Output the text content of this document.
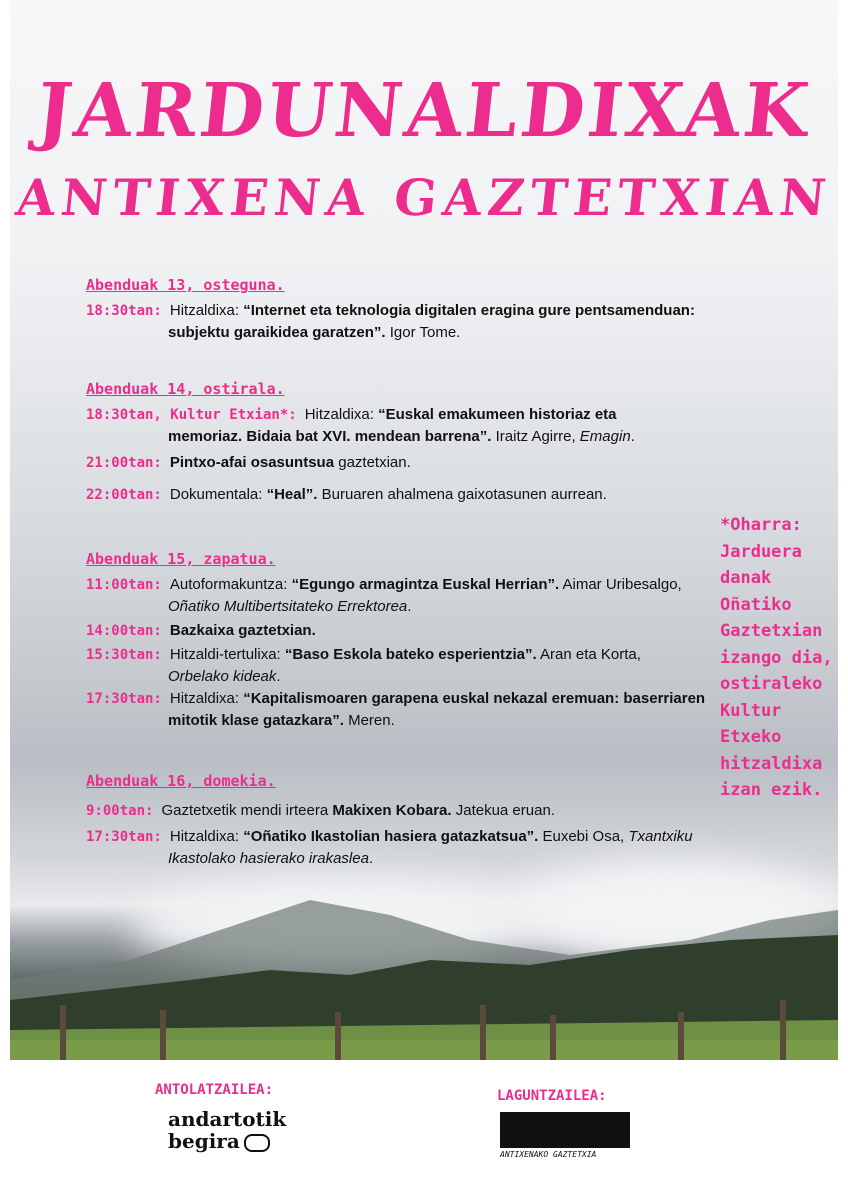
JARDUNALDIXAK
ANTIXENA GAZTETXIAN
Abenduak 13, osteguna.
18:30tan: Hitzaldixa: “Internet eta teknologia digitalen eragina gure pentsamenduan:
subjektu garaikidea garatzen”. Igor Tome.
Abenduak 14, ostirala.
18:30tan, Kultur Etxian*: Hitzaldixa: “Euskal emakumeen historiaz eta
memoriaz. Bidaia bat XVI. mendean barrena”. Iraitz Agirre, Emagin.
21:00tan: Pintxo-afai osasuntsua gaztetxian.
22:00tan: Dokumentala: “Heal”. Buruaren ahalmena gaixotasunen aurrean.
Abenduak 15, zapatua.
11:00tan: Autoformakuntza: “Egungo armagintza Euskal Herrian”. Aimar Uribesalgo,
Oñatiko Multibertsitateko Errektorea.
14:00tan: Bazkaixa gaztetxian.
15:30tan: Hitzaldi-tertulixa: “Baso Eskola bateko esperientzia”. Aran eta Korta,
Orbelako kideak.
17:30tan: Hitzaldixa: “Kapitalismoaren garapena euskal nekazal eremuan: baserriaren
mitotik klase gatazkara”. Meren.
Abenduak 16, domekia.
9:00tan: Gaztetxetik mendi irteera Makixen Kobara. Jatekua eruan.
17:30tan: Hitzaldixa: “Oñatiko Ikastolian hasiera gatazkatsua”. Euxebi Osa, Txantxiku
Ikastolako hasierako irakaslea.
*Oharra:
Jarduera
danak
Oñatiko
Gaztetxian
izango dia,
ostiraleko
Kultur
Etxeko
hitzaldixa
izan ezik.
ANTOLATZAILEA:
andartotik
begira
LAGUNTZAILEA:
ANTIXENAKO GAZTETXIA
